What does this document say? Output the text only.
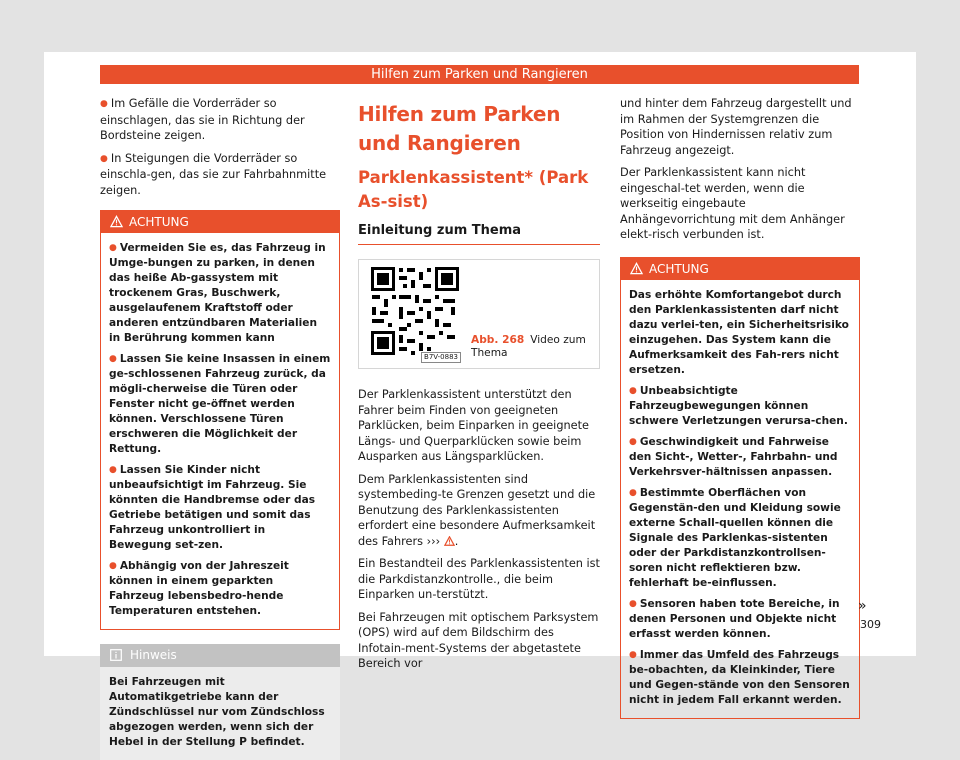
Hilfen zum Parken und Rangieren
● Im Gefälle die Vorderräder so einschlagen, das sie in Richtung der Bordsteine zeigen.
● In Steigungen die Vorderräder so einschla-gen, das sie zur Fahrbahnmitte zeigen.
ACHTUNG
● Vermeiden Sie es, das Fahrzeug in Umge-bungen zu parken, in denen das heiße Ab-gassystem mit trockenem Gras, Buschwerk, ausgelaufenem Kraftstoff oder anderen entzündbaren Materialien in Berührung kommen kann
● Lassen Sie keine Insassen in einem ge-schlossenen Fahrzeug zurück, da mögli-cherweise die Türen oder Fenster nicht ge-öffnet werden können. Verschlossene Türen erschweren die Möglichkeit der Rettung.
● Lassen Sie Kinder nicht unbeaufsichtigt im Fahrzeug. Sie könnten die Handbremse oder das Getriebe betätigen und somit das Fahrzeug unkontrolliert in Bewegung set-zen.
● Abhängig von der Jahreszeit können in einem geparkten Fahrzeug lebensbedro-hende Temperaturen entstehen.
Hinweis
Bei Fahrzeugen mit Automatikgetriebe kann der Zündschlüssel nur vom Zündschloss abgezogen werden, wenn sich der Hebel in der Stellung P befindet.
Hilfen zum Parken und Rangieren
Parklenkassistent* (Park As-sist)
Einleitung zum Thema
B7V-0883
Abb. 268 Video zum Thema

Der Parklenkassistent unterstützt den Fahrer beim Finden von geeigneten Parklücken, beim Einparken in geeignete Längs- und Querparklücken sowie beim Ausparken aus Längsparklücken.

Dem Parklenkassistenten sind systembeding-te Grenzen gesetzt und die Benutzung des Parklenkassistenten erfordert eine besondere Aufmerksamkeit des Fahrers ››› .

Ein Bestandteil des Parklenkassistenten ist die Parkdistanzkontrolle., die beim Einparken un-terstützt.

Bei Fahrzeugen mit optischem Parksystem (OPS) wird auf dem Bildschirm des Infotain-ment-Systems der abgetastete Bereich vor

und hinter dem Fahrzeug dargestellt und im Rahmen der Systemgrenzen die Position von Hindernissen relativ zum Fahrzeug angezeigt.

Der Parklenkassistent kann nicht eingeschal-tet werden, wenn die werkseitig eingebaute Anhängevorrichtung mit dem Anhänger elekt-risch verbunden ist.

ACHTUNG
Das erhöhte Komfortangebot durch den Parklenkassistenten darf nicht dazu verlei-ten, ein Sicherheitsrisiko einzugehen. Das System kann die Aufmerksamkeit des Fah-rers nicht ersetzen.
● Unbeabsichtigte Fahrzeugbewegungen können schwere Verletzungen verursa-chen.
● Geschwindigkeit und Fahrweise den Sicht-, Wetter-, Fahrbahn- und Verkehrsver-hältnissen anpassen.
● Bestimmte Oberflächen von Gegenstän-den und Kleidung sowie externe Schall-quellen können die Signale des Parklenkas-sistenten oder der Parkdistanzkontrollsen-soren nicht reflektieren bzw. fehlerhaft be-einflussen.
● Sensoren haben tote Bereiche, in denen Personen und Objekte nicht erfasst werden können.
● Immer das Umfeld des Fahrzeugs be-obachten, da Kleinkinder, Tiere und Gegen-stände von den Sensoren nicht in jedem Fall erkannt werden.
»
309
